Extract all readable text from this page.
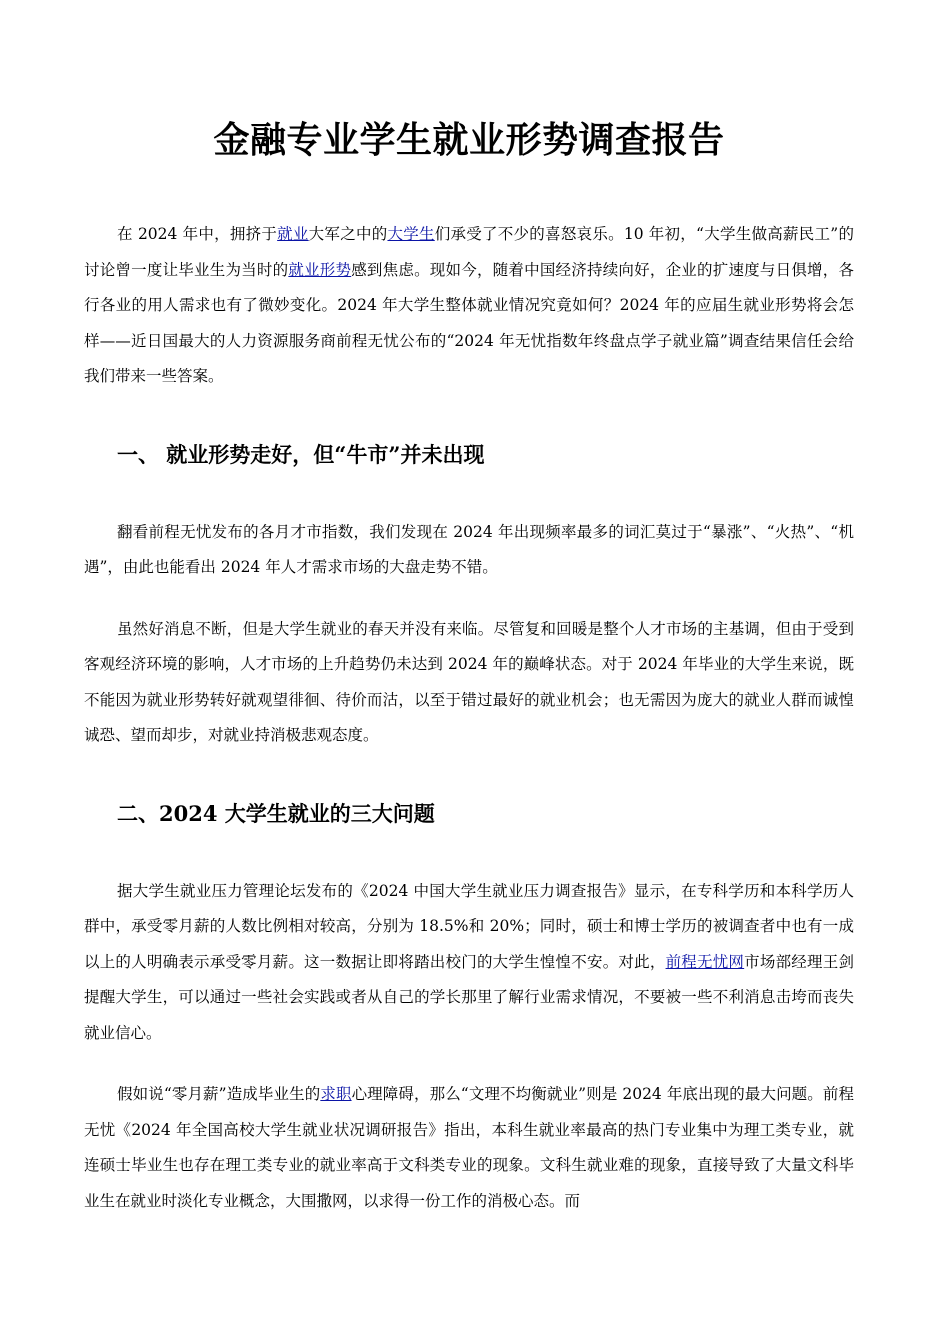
金融专业学生就业形势调查报告

在 2024 年中，拥挤于就业大军之中的大学生们承受了不少的喜怒哀乐。10 年初，“大学生做高薪民工”的讨论曾一度让毕业生为当时的就业形势感到焦虑。现如今，随着中国经济持续向好，企业的扩速度与日俱增，各行各业的用人需求也有了微妙变化。2024 年大学生整体就业情况究竟如何？2024 年的应届生就业形势将会怎样——近日国最大的人力资源服务商前程无忧公布的“2024 年无忧指数年终盘点学子就业篇”调查结果信任会给我们带来一些答案。

一、 就业形势走好，但“牛市”并未出现

翻看前程无忧发布的各月才市指数，我们发现在 2024 年出现频率最多的词汇莫过于“暴涨”、“火热”、“机遇”，由此也能看出 2024 年人才需求市场的大盘走势不错。

虽然好消息不断，但是大学生就业的春天并没有来临。尽管复和回暖是整个人才市场的主基调，但由于受到客观经济环境的影响，人才市场的上升趋势仍未达到 2024 年的巅峰状态。对于 2024 年毕业的大学生来说，既不能因为就业形势转好就观望徘徊、待价而沽，以至于错过最好的就业机会；也无需因为庞大的就业人群而诚惶诚恐、望而却步，对就业持消极悲观态度。

二、2024 大学生就业的三大问题

据大学生就业压力管理论坛发布的《2024 中国大学生就业压力调查报告》显示，在专科学历和本科学历人群中，承受零月薪的人数比例相对较高，分别为 18.5%和 20%；同时，硕士和博士学历的被调查者中也有一成以上的人明确表示承受零月薪。这一数据让即将踏出校门的大学生惶惶不安。对此，前程无忧网市场部经理王剑提醒大学生，可以通过一些社会实践或者从自己的学长那里了解行业需求情况，不要被一些不利消息击垮而丧失就业信心。

假如说“零月薪”造成毕业生的求职心理障碍，那么“文理不均衡就业”则是 2024 年底出现的最大问题。前程无忧《2024 年全国高校大学生就业状况调研报告》指出，本科生就业率最高的热门专业集中为理工类专业，就连硕士毕业生也存在理工类专业的就业率高于文科类专业的现象。文科生就业难的现象，直接导致了大量文科毕业生在就业时淡化专业概念，大围撒网，以求得一份工作的消极心态。而
